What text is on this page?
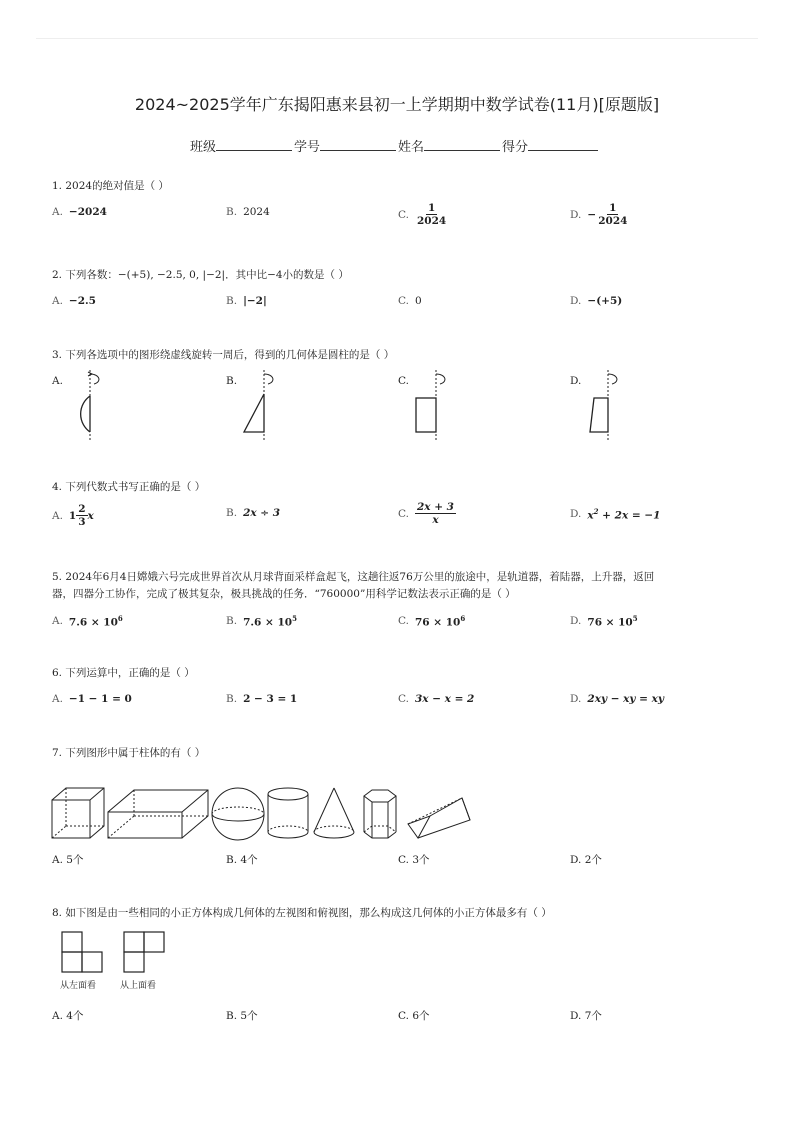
2024~2025学年广东揭阳惠来县初一上学期期中数学试卷(11月)[原题版]
班级	学号	姓名	得分
1. 2024的绝对值是（ ）
A. −2024	B. 2024	C. $\frac{1}{2024}$	D. − $\frac{1}{2024}$
2. 下列各数：−(+5), −2.5, 0, |−2|．其中比−4小的数是（ ）
A. −2.5	B. |−2|	C. 0	D. −(+5)
3. 下列各选项中的图形绕虚线旋转一周后，得到的几何体是圆柱的是（ ）
A.	B.	C.	D.
4. 下列代数式书写正确的是（ ）
A. $1 \frac{2}{3}$ x	B. 2x ÷ 3	C. $\frac{2x + 3}{x}$	D. $x^2 + 2x = -1$
5. 2024年6月4日嫦娥六号完成世界首次从月球背面采样盒起飞，这趟往返76万公里的旅途中，是轨道器，着陆器，上升器，返回
器，四器分工协作，完成了极其复杂，极具挑战的任务．“760000”用科学记数法表示正确的是（ ）
A. $7.6 \times 10^6$	B. $7.6 \times 10^5$	C. $76 \times 10^6$	D. $76 \times 10^5$
6. 下列运算中，正确的是（ ）
A. −1 − 1 = 0	B. 2 − 3 = 1	C. 3x − x = 2	D. 2xy − xy = xy
7. 下列图形中属于柱体的有（ ）
A. 5个	B. 4个	C. 3个	D. 2个
8. 如下图是由一些相同的小正方体构成几何体的左视图和俯视图，那么构成这几何体的小正方体最多有（ ）
从左面看	从上面看
A. 4个	B. 5个	C. 6个	D. 7个
